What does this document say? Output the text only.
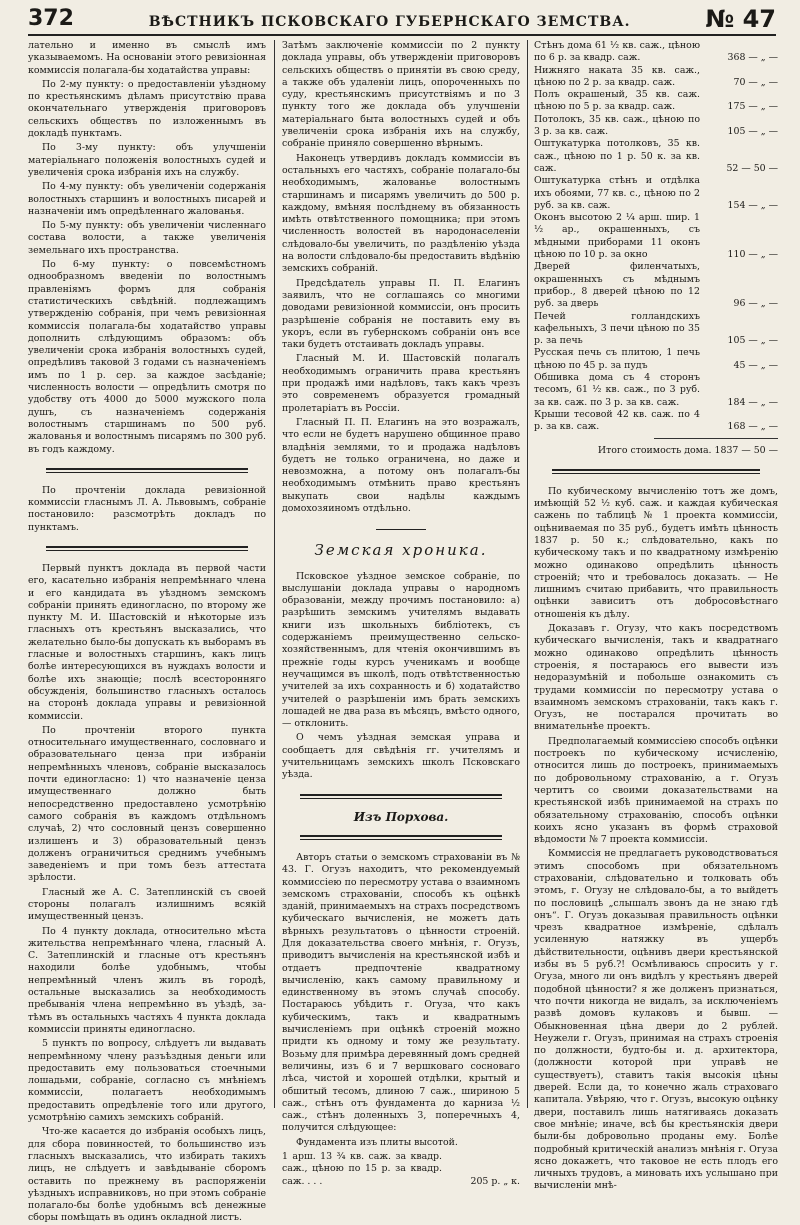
372	ВѢСТНИКЪ ПСКОВСКАГО ГУБЕРНСКАГО ЗЕМСТВА.	№ 47

лательно и именно въ смыслѣ имъ указываемомъ. На основаніи этого ревизіонная коммиссія полагала-бы ходатайства управы:

По 2-му пункту: о предоставленіи уѣздному по крестьянскимъ дѣламъ присутствію права окончательнаго утвержденія приговоровъ сельскихъ обществъ по изложеннымъ въ докладѣ пунктамъ.

По 3-му пункту: объ улучшеніи матеріальнаго положенія волостныхъ судей и увеличенія срока избранія ихъ на службу.

По 4-му пункту: объ увеличеніи содержанія волостныхъ старшинъ и волостныхъ писарей и назначеніи имъ опредѣленнаго жалованья.

По 5-му пункту: объ увеличеніи численнаго состава волости, а также увеличенія земельнаго ихъ пространства.

По 6-му пункту: о повсемѣстномъ однообразномъ введеніи по волостнымъ правленіямъ формъ для собранія статистическихъ свѣдѣній. подлежащимъ утвержденію собранія, при чемъ ревизіонная коммиссія полагала-бы ходатайство управы дополнить слѣдующимъ образомъ: объ увеличеніи срока избранія волостныхъ судей, опредѣливъ таковой 3 годами съ назначеніемъ имъ по 1 р. сер. за каждое засѣданіе; численность волости — опредѣлить смотря по удобству отъ 4000 до 5000 мужского пола душъ, съ назначеніемъ содержанія волостнымъ старшинамъ по 500 руб. жалованья и волостнымъ писарямъ по 300 руб. въ годъ каждому.

По прочтеніи доклада ревизіонной коммиссіи гласнымъ Л. А. Львовымъ, собраніе постановило: разсмотрѣть докладъ по пунктамъ.

Первый пунктъ доклада въ первой части его, касательно избранія непремѣннаго члена и его кандидата въ уѣздномъ земскомъ собраніи принять единогласно, по второму же пункту М. И. Шастовскій и нѣкоторые изъ гласныхъ отъ крестьянъ высказались, что желательно было-бы допускать къ выборамъ въ гласные и волостныхъ старшинъ, какъ лицъ болѣе интересующихся въ нуждахъ волости и болѣе ихъ знающіе; послѣ всесторонняго обсужденія, большинство гласныхъ осталось на сторонѣ доклада управы и ревизіонной коммиссіи.

По прочтеніи второго пункта относительнаго имущественнаго, сословнаго и образовательнаго ценза при избраніи непремѣнныхъ членовъ, собраніе высказалось почти единогласно: 1) что назначеніе ценза имущественнаго должно быть непосредственно предоставлено усмотрѣнію самого собранія въ каждомъ отдѣльномъ случаѣ, 2) что сословный цензъ совершенно излишенъ и 3) образовательный цензъ долженъ ограничиться среднимъ учебнымъ заведеніемъ и при томъ безъ аттестата зрѣлости.

Гласный же А. С. Затеплинскій съ своей стороны полагалъ излишнимъ всякій имущественный цензъ.

По 4 пункту доклада, относительно мѣста жительства непремѣннаго члена, гласный А. С. Затеплинскій и гласные отъ крестьянъ находили болѣе удобнымъ, чтобы непремѣнный членъ жилъ въ городѣ, остальные высказались за необходимость пребыванія члена непремѣнно въ уѣздѣ, за-тѣмъ въ остальныхъ частяхъ 4 пункта доклада коммиссіи приняты единогласно.

5 пунктъ по вопросу, слѣдуетъ ли выдавать непремѣнному члену разъѣздныя деньги или предоставить ему пользоваться стоечными лошадьми, собраніе, согласно съ мнѣніемъ коммиссіи, полагаетъ необходимымъ предоставить опредѣленіе того или другого, усмотрѣнію самихъ земскихъ собраній.

Что-же касается до избранія особыхъ лицъ, для сбора повинностей, то большинство изъ гласныхъ высказались, что избирать такихъ лицъ, не слѣдуетъ и завѣдываніе сборомъ оставить по прежнему въ распоряженіи уѣздныхъ исправниковъ, но при этомъ собраніе полагало-бы болѣе удобнымъ всѣ денежные сборы помѣщать въ одинъ окладной листъ.

Затѣмъ заключеніе коммиссіи по 2 пункту доклада управы, объ утвержденіи приговоровъ сельскихъ обществъ о принятіи въ свою среду, а также объ удаленіи лицъ, опороченныхъ по суду, крестьянскимъ присутствіямъ и по 3 пункту того же доклада объ улучшеніи матеріальнаго быта волостныхъ судей и объ увеличеніи срока избранія ихъ на службу, собраніе приняло совершенно вѣрнымъ.

Наконецъ утвердивъ докладъ коммиссіи въ остальныхъ его частяхъ, собраніе полагало-бы необходимымъ, жалованье волостнымъ старшинамъ и писарямъ увеличить до 500 р. каждому, вмѣняя послѣднему въ обязанность имѣть отвѣтственного помощника; при этомъ численность волостей въ народонаселеніи слѣдовало-бы увеличить, по раздѣленію уѣзда на волости слѣдовало-бы предоставить вѣдѣнію земскихъ собраній.

Предсѣдатель управы П. П. Елагинъ заявилъ, что не соглашаясь со многими доводами ревизіонной коммиссіи, онъ просить разрѣшеніе собранія не поставить ему въ укоръ, если въ губернскомъ собраніи онъ все таки будетъ отстаивать докладъ управы.

Гласный М. И. Шастовскій полагалъ необходимымъ ограничить права крестьянъ при продажѣ ими надѣловъ, такъ какъ чрезъ это современемъ образуется громадный пролетаріатъ въ Россіи.

Гласный П. П. Елагинъ на это возражалъ, что если не будетъ нарушено общинное право владѣнія землями, то и продажа надѣловъ будетъ не только ограничена, но даже и невозможна, а потому онъ полагалъ-бы необходимымъ отмѣнить право крестьянъ выкупать свои надѣлы каждымъ домохозяиномъ отдѣльно.

Земская хроника.

Псковское уѣздное земское собраніе, по выслушаніи доклада управы о народномъ образованіи, между прочимъ постановило: а) разрѣшить земскимъ учителямъ выдавать книги изъ школьныхъ библіотекъ, съ содержаніемъ преимущественно сельско-хозяйственнымъ, для чтенія окончившимъ въ прежніе годы курсъ ученикамъ и вообще неучащимся въ школѣ, подъ отвѣтственностью учителей за ихъ сохранность и б) ходатайство учителей о разрѣшеніи имъ брать земскихъ лошадей не два раза въ мѣсяцъ, вмѣсто одного, — отклонить.

О чемъ уѣздная земская управа и сообщаетъ для свѣдѣнія гг. учителямъ и учительницамъ земскихъ школъ Псковскаго уѣзда.

Изъ Порхова.

Авторъ статьи о земскомъ страхованіи въ № 43. Г. Огузъ находитъ, что рекомендуемый коммиссіею по пересмотру устава о взаимномъ земскомъ страхованіи, способъ къ оцѣнкѣ зданій, принимаемыхъ на страхъ посредствомъ кубическаго вычисленія, не можетъ дать вѣрныхъ результатовъ о цѣнности строеній. Для доказательства своего мнѣнія, г. Огузъ, приводитъ вычисленія на крестьянской избѣ и отдаетъ предпочтеніе квадратному вычисленію, какъ самому правильному и единственному въ этомъ случаѣ способу. Постараюсь убѣдить г. Огуза, что какъ кубическимъ, такъ и квадратнымъ вычисленіемъ при оцѣнкѣ строеній можно придти къ одному и тому же результату. Возьму для примѣра деревянный домъ средней величины, изъ 6 и 7 вершковаго сосноваго лѣса, чистой и хорошей отдѣлки, крытый и обшитый тесомъ, длиною 7 саж., шириною 5 саж., стѣнъ отъ фундамента до карниза ½ саж., стѣнъ доленныхъ 3, поперечныхъ 4, получится слѣдующее:

Фундамента изъ плиты высотой.

1 арш. 13 ³⁄₄ кв. саж. за квадр. саж., цѣною по 15 р. за квадр. саж. . . .	205 р. „ к.
Стѣнъ дома 61 ¹⁄₂ кв. саж., цѣною по 6 р. за квадр. саж.	368 — „ —
Нижняго наката 35 кв. саж., цѣною по 2 р. за квадр. саж.	70 — „ —
Полъ окрашеный, 35 кв. саж. цѣною по 5 р. за квадр. саж.	175 — „ —
Потолокъ, 35 кв. саж., цѣною по 3 р. за кв. саж.	105 — „ —
Оштукатурка потолковъ, 35 кв. саж., цѣною по 1 р. 50 к. за кв. саж.	52 — 50 —
Оштукатурка стѣнъ и отдѣлка ихъ обоями, 77 кв. с., цѣною по 2 руб. за кв. саж.	154 — „ —
Оконъ высотою 2 ¹⁄₄ арш. шир. 1 ¹⁄₂ ар., окрашенныхъ, съ мѣдными приборами 11 оконъ цѣною по 10 р. за окно	110 — „ —
Дверей филенчатыхъ, окрашенныхъ съ мѣднымъ прибор., 8 дверей цѣною по 12 руб. за дверь	96 — „ —
Печей голландскихъ кафельныхъ, 3 печи цѣною по 35 р. за печь	105 — „ —
Русская печь съ плитою, 1 печь цѣною по 45 р. за пудъ	45 — „ —
Обшивка дома съ 4 сторонъ тесомъ, 61 ¹⁄₂ кв. саж., по 3 руб. за кв. саж. по 3 р. за кв. саж.	184 — „ —
Крыши тесовой 42 кв. саж. по 4 р. за кв. саж.	168 — „ —
Итого стоимость дома. 1837 — 50 —

По кубическому вычисленію тотъ же домъ, имѣющій 52 ¹⁄₂ куб. саж. и каждая кубическая сажень по таблицѣ № 1 проекта коммиссіи, оцѣниваемая по 35 руб., будетъ имѣть цѣнность 1837 р. 50 к.; слѣдовательно, какъ по кубическому такъ и по квадратному измѣренію можно одинаково опредѣлить цѣнность строеній; что и требовалось доказать. — Не лишнимъ считаю прибавить, что правильность оцѣнки зависитъ отъ добросовѣстнаго отношенія къ дѣлу.

Доказавъ г. Огузу, что какъ посредствомъ кубическаго вычисленія, такъ и квадратнаго можно одинаково опредѣлить цѣнность строенія, я постараюсь его вывести изъ недоразумѣній и побольше ознакомить съ трудами коммиссіи по пересмотру устава о взаимномъ земскомъ страхованіи, такъ какъ г. Огузъ, не постарался прочитать во внимательнѣе проектъ.

Предполагаемый коммиссіею способъ оцѣнки построекъ по кубическому исчисленію, относится лишь до построекъ, принимаемыхъ по добровольному страхованію, а г. Огузъ чертитъ со своими доказательствами на крестьянской избѣ принимаемой на страхъ по обязательному страхованію, способъ оцѣнки коихъ ясно указанъ въ формѣ страховой вѣдомости № 7 проекта коммиссіи.

Коммиссія не предлагаетъ руководствоваться этимъ способомъ при обязательномъ страхованіи, слѣдовательно и толковать объ этомъ, г. Огузу не слѣдовало-бы, а то выйдетъ по пословицѣ „слышалъ звонъ да не знаю гдѣ онъ“. Г. Огузъ доказывая правильность оцѣнки чрезъ квадратное измѣреніе, сдѣлалъ усиленную натяжку въ ущербъ дѣйствительности, оцѣнивъ двери крестьянской избы въ 5 руб.?! Осмѣливаюсь спросить у г. Огуза, много ли онъ видѣлъ у крестьянъ дверей подобной цѣнности? я же долженъ признаться, что почти никогда не видалъ, за исключеніемъ развѣ домовъ кулаковъ и бывш. — Обыкновенная цѣна двери до 2 рублей. Неужели г. Огузъ, принимая на страхъ строенія по должности, будто-бы и. д. архитектора, (должности которой при управѣ не существуетъ), ставитъ такія высокія цѣны дверей. Если да, то конечно жаль страховаго капитала. Увѣряю, что г. Огузъ, высокую оцѣнку двери, поставилъ лишь натягиваясь доказать свое мнѣніе; иначе, всѣ бы крестьянскія двери были-бы добровольно проданы ему. Болѣе подробный критическій анализъ мнѣнія г. Огуза ясно докажетъ, что таковое не есть плодъ его личныхъ трудовъ, а миновать ихъ услышано при вычисленіи мнѣ-
